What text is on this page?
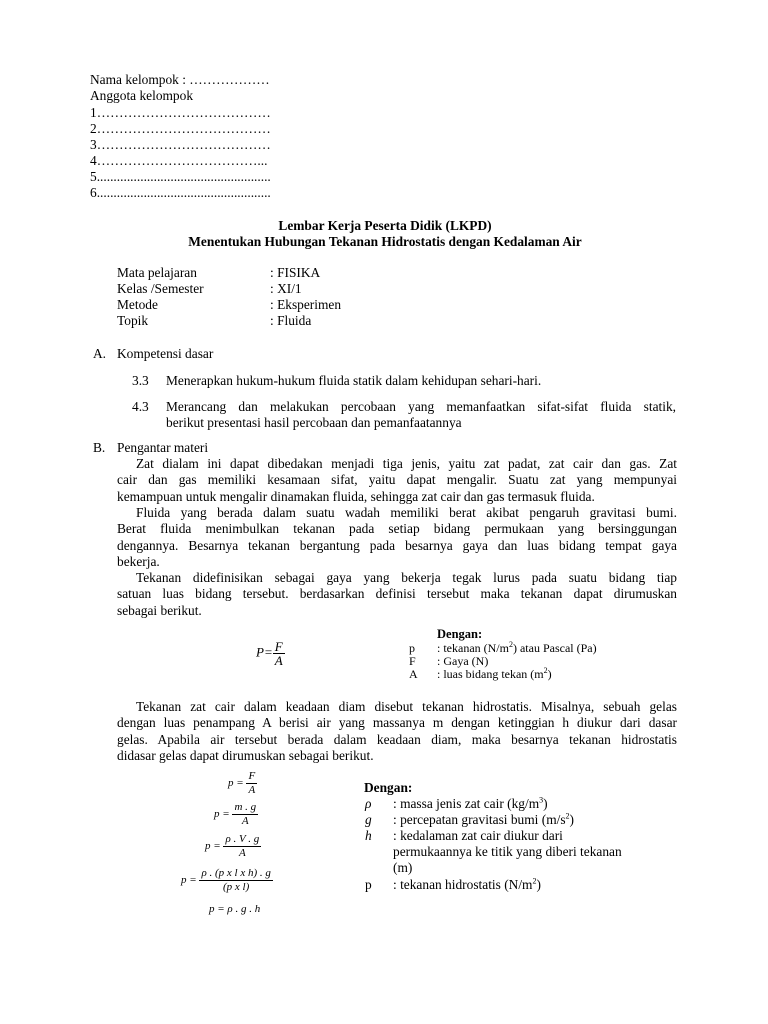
Nama kelompok : ………………
Anggota kelompok
1…………………………………
2…………………………………
3…………………………………
4………………………………...
5....................................................
6....................................................
Lembar Kerja Peserta Didik (LKPD)
Menentukan Hubungan Tekanan Hidrostatis dengan Kedalaman Air
Mata pelajaran	: FISIKA
Kelas /Semester	: XI/1
Metode	: Eksperimen
Topik	: Fluida
A. Kompetensi dasar
3.3 Menerapkan hukum-hukum fluida statik dalam kehidupan sehari-hari.
4.3 Merancang dan melakukan percobaan yang memanfaatkan sifat-sifat fluida statik,
berikut presentasi hasil percobaan dan pemanfaatannya
B. Pengantar materi
Zat dialam ini dapat dibedakan menjadi tiga jenis, yaitu zat padat, zat cair dan gas. Zat
cair dan gas memiliki kesamaan sifat, yaitu dapat mengalir. Suatu zat yang mempunyai
kemampuan untuk mengalir dinamakan fluida, sehingga zat cair dan gas termasuk fluida.
Fluida yang berada dalam suatu wadah memiliki berat akibat pengaruh gravitasi bumi.
Berat fluida menimbulkan tekanan pada setiap bidang permukaan yang bersinggungan
dengannya. Besarnya tekanan bergantung pada besarnya gaya dan luas bidang tempat gaya
bekerja.
Tekanan didefinisikan sebagai gaya yang bekerja tegak lurus pada suatu bidang tiap
satuan luas bidang tersebut. berdasarkan definisi tersebut maka tekanan dapat dirumuskan
sebagai berikut.
$P= \frac{F}{A}$
Dengan:
p : tekanan $(N/m^2)$ atau Pascal (Pa)
F : Gaya (N)
A : luas bidang tekan $(m^2)$
Tekanan zat cair dalam keadaan diam disebut tekanan hidrostatis. Misalnya, sebuah gelas
dengan luas penampang A berisi air yang massanya m dengan ketinggian h diukur dari dasar
gelas. Apabila air tersebut berada dalam keadaan diam, maka besarnya tekanan hidrostatis
didasar gelas dapat dirumuskan sebagai berikut.
$p = \frac{F}{A}$
$p = \frac{m . g}{A}$
$p = \frac{\rho . V . g}{A}$
$p = \frac{\text{ρ . (p x l x h) . g}}{\text{(p x l)}}$
p = ρ . g . h
Dengan:
ρ : massa jenis zat cair $(kg/m^3)$
g : percepatan gravitasi bumi $(m/s^2)$
h : kedalaman zat cair diukur dari
permukaannya ke titik yang diberi tekanan
(m)
p : tekanan hidrostatis $(N/m^2)$
